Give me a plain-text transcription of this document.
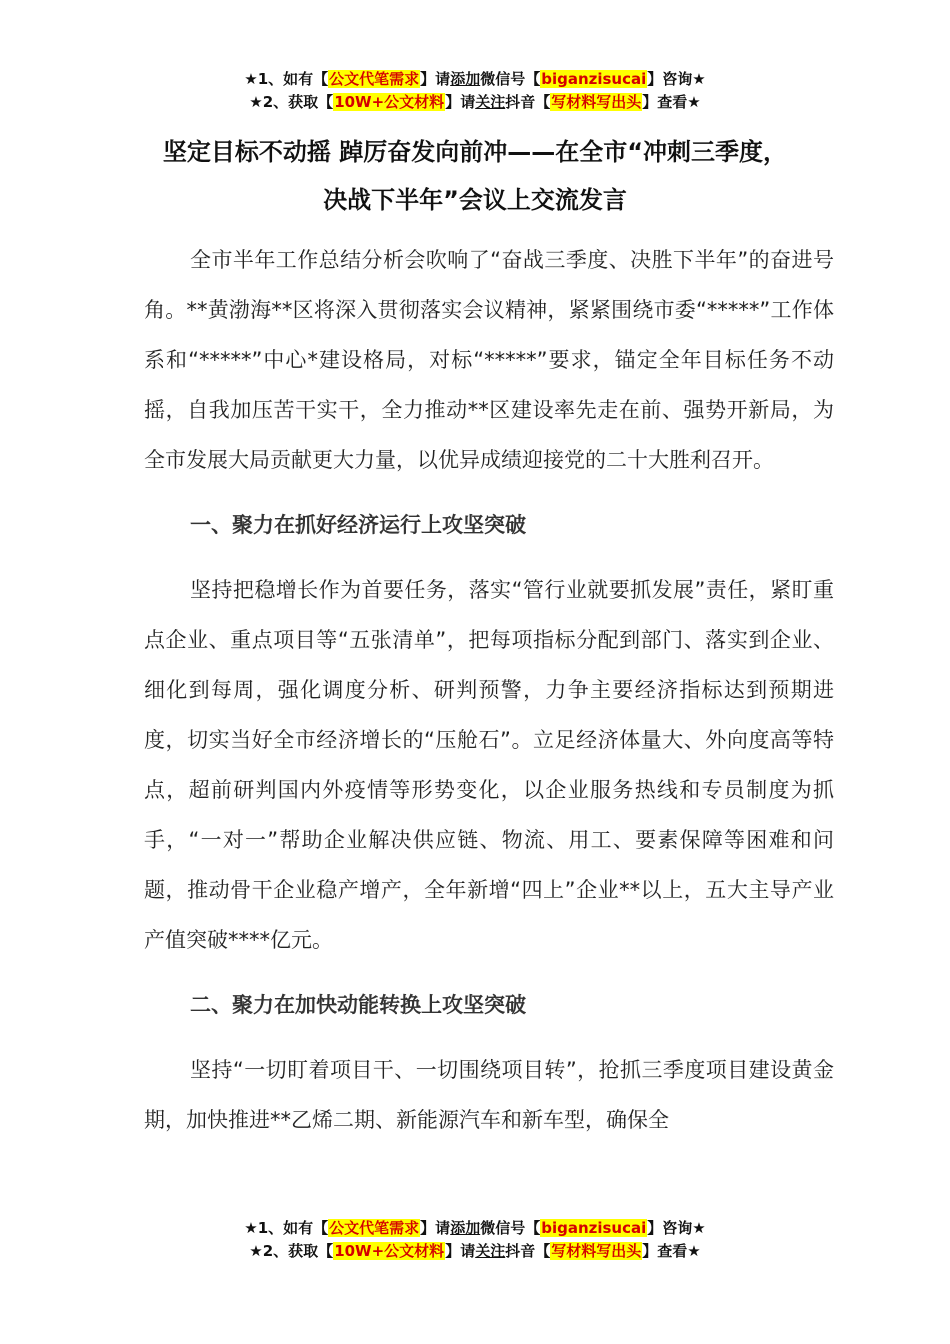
★1、如有【公文代笔需求】请添加微信号【biganzisucai】咨询★
★2、获取【10W+公文材料】请关注抖音【写材料写出头】查看★
坚定目标不动摇 踔厉奋发向前冲——在全市“冲刺三季度，
决战下半年”会议上交流发言

全市半年工作总结分析会吹响了“奋战三季度、决胜下半年”的奋进号角。**黄渤海**区将深入贯彻落实会议精神，紧紧围绕市委“*****”工作体系和“*****”中心*建设格局，对标“*****”要求，锚定全年目标任务不动摇，自我加压苦干实干，全力推动**区建设率先走在前、强势开新局，为全市发展大局贡献更大力量，以优异成绩迎接党的二十大胜利召开。

一、聚力在抓好经济运行上攻坚突破

坚持把稳增长作为首要任务，落实“管行业就要抓发展”责任，紧盯重点企业、重点项目等“五张清单”，把每项指标分配到部门、落实到企业、细化到每周，强化调度分析、研判预警，力争主要经济指标达到预期进度，切实当好全市经济增长的“压舱石”。立足经济体量大、外向度高等特点，超前研判国内外疫情等形势变化，以企业服务热线和专员制度为抓手，“一对一”帮助企业解决供应链、物流、用工、要素保障等困难和问题，推动骨干企业稳产增产，全年新增“四上”企业**以上，五大主导产业产值突破****亿元。

二、聚力在加快动能转换上攻坚突破

坚持“一切盯着项目干、一切围绕项目转”，抢抓三季度项目建设黄金期，加快推进**乙烯二期、新能源汽车和新车型，确保全

★1、如有【公文代笔需求】请添加微信号【biganzisucai】咨询★
★2、获取【10W+公文材料】请关注抖音【写材料写出头】查看★
